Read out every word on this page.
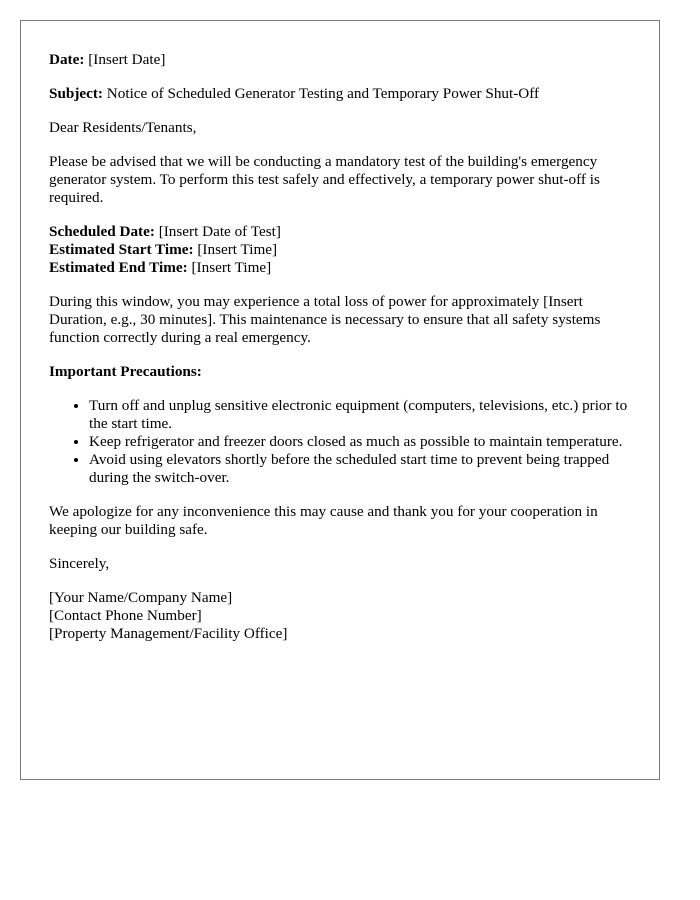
Date: [Insert Date]

Subject: Notice of Scheduled Generator Testing and Temporary Power Shut-Off

Dear Residents/Tenants,

Please be advised that we will be conducting a mandatory test of the building's emergency generator system. To perform this test safely and effectively, a temporary power shut-off is required.

Scheduled Date: [Insert Date of Test]
Estimated Start Time: [Insert Time]
Estimated End Time: [Insert Time]

During this window, you may experience a total loss of power for approximately [Insert Duration, e.g., 30 minutes]. This maintenance is necessary to ensure that all safety systems function correctly during a real emergency.

Important Precautions:

• Turn off and unplug sensitive electronic equipment (computers, televisions, etc.) prior to the start time.
• Keep refrigerator and freezer doors closed as much as possible to maintain temperature.
• Avoid using elevators shortly before the scheduled start time to prevent being trapped during the switch-over.

We apologize for any inconvenience this may cause and thank you for your cooperation in keeping our building safe.

Sincerely,

[Your Name/Company Name]
[Contact Phone Number]
[Property Management/Facility Office]
